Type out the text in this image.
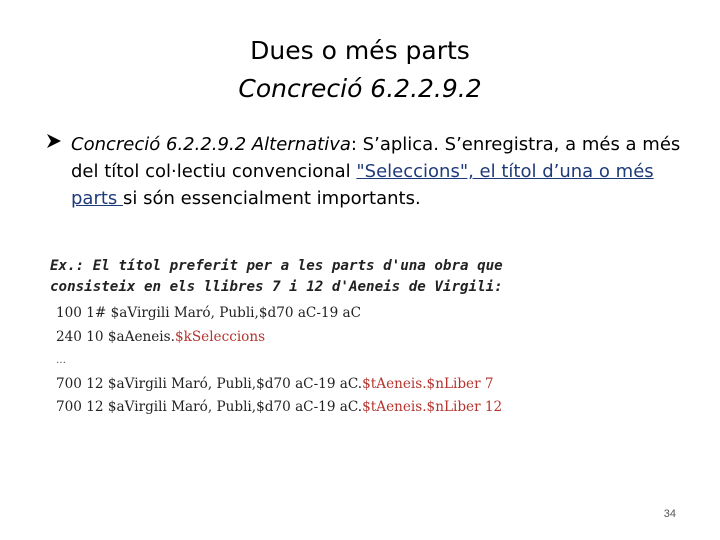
Dues o més parts
Concreció 6.2.2.9.2
Concreció 6.2.2.9.2 Alternativa: S’aplica. S’enregistra, a més a més del títol col·lectiu convencional "Seleccions", el títol d’una o més parts si són essencialment importants.
Ex.: El títol preferit per a les parts d'una obra que
consisteix en els llibres 7 i 12 d'Aeneis de Virgili:
100 1# $aVirgili Maró, Publi,$d70 aC-19 aC
240 10 $aAeneis.$kSeleccions
…
700 12 $aVirgili Maró, Publi,$d70 aC-19 aC.$tAeneis.$nLiber 7
700 12 $aVirgili Maró, Publi,$d70 aC-19 aC.$tAeneis.$nLiber 12
34
